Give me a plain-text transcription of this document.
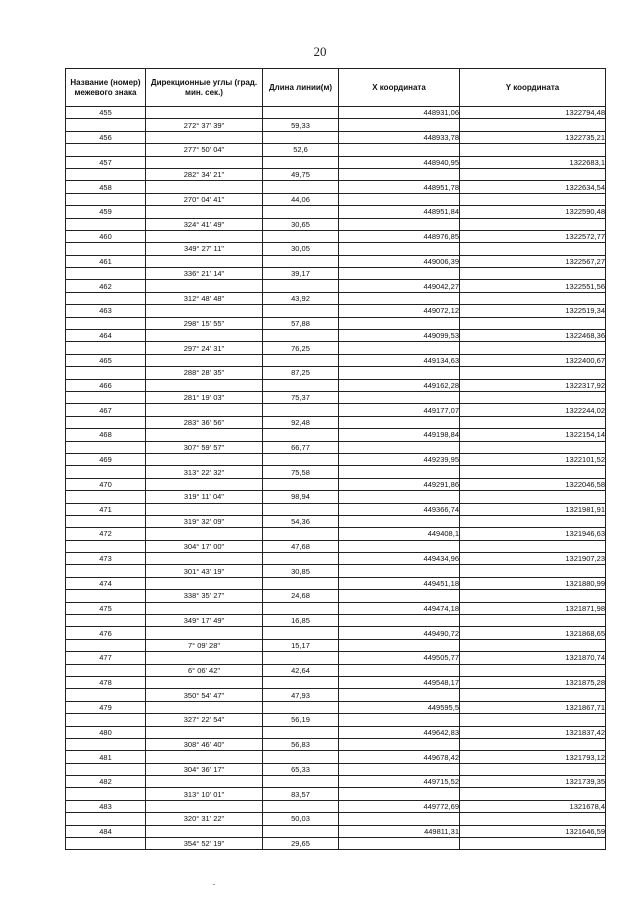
20
Название (номер) межевого знака	Дирекционные углы (град. мин. сек.)	Длина линии(м)	X координата	Y координата
455			448931,06	1322794,48
	272° 37' 39"	59,33		
456			448933,78	1322735,21
	277° 50' 04"	52,6		
457			448940,95	1322683,1
	282° 34' 21"	49,75		
458			448951,78	1322634,54
	270° 04' 41"	44,06		
459			448951,84	1322590,48
	324° 41' 49"	30,65		
460			448976,85	1322572,77
	349° 27' 11"	30,05		
461			449006,39	1322567,27
	336° 21' 14"	39,17		
462			449042,27	1322551,56
	312° 48' 48"	43,92		
463			449072,12	1322519,34
	298° 15' 55"	57,88		
464			449099,53	1322468,36
	297° 24' 31"	76,25		
465			449134,63	1322400,67
	288° 28' 35"	87,25		
466			449162,28	1322317,92
	281° 19' 03"	75,37		
467			449177,07	1322244,02
	283° 36' 56"	92,48		
468			449198,84	1322154,14
	307° 59' 57"	66,77		
469			449239,95	1322101,52
	313° 22' 32"	75,58		
470			449291,86	1322046,58
	319° 11' 04"	98,94		
471			449366,74	1321981,91
	319° 32' 09"	54,36		
472			449408,1	1321946,63
	304° 17' 00"	47,68		
473			449434,96	1321907,23
	301° 43' 19"	30,85		
474			449451,18	1321880,99
	338° 35' 27"	24,68		
475			449474,18	1321871,98
	349° 17' 49"	16,85		
476			449490,72	1321868,65
	7° 09' 28"	15,17		
477			449505,77	1321870,74
	6° 06' 42"	42,64		
478			449548,17	1321875,28
	350° 54' 47"	47,93		
479			449595,5	1321867,71
	327° 22' 54"	56,19		
480			449642,83	1321837,42
	308° 46' 40"	56,83		
481			449678,42	1321793,12
	304° 36' 17"	65,33		
482			449715,52	1321739,35
	313° 10' 01"	83,57		
483			449772,69	1321678,4
	320° 31' 22"	50,03		
484			449811,31	1321646,59
	354° 52' 19"	29,65		
